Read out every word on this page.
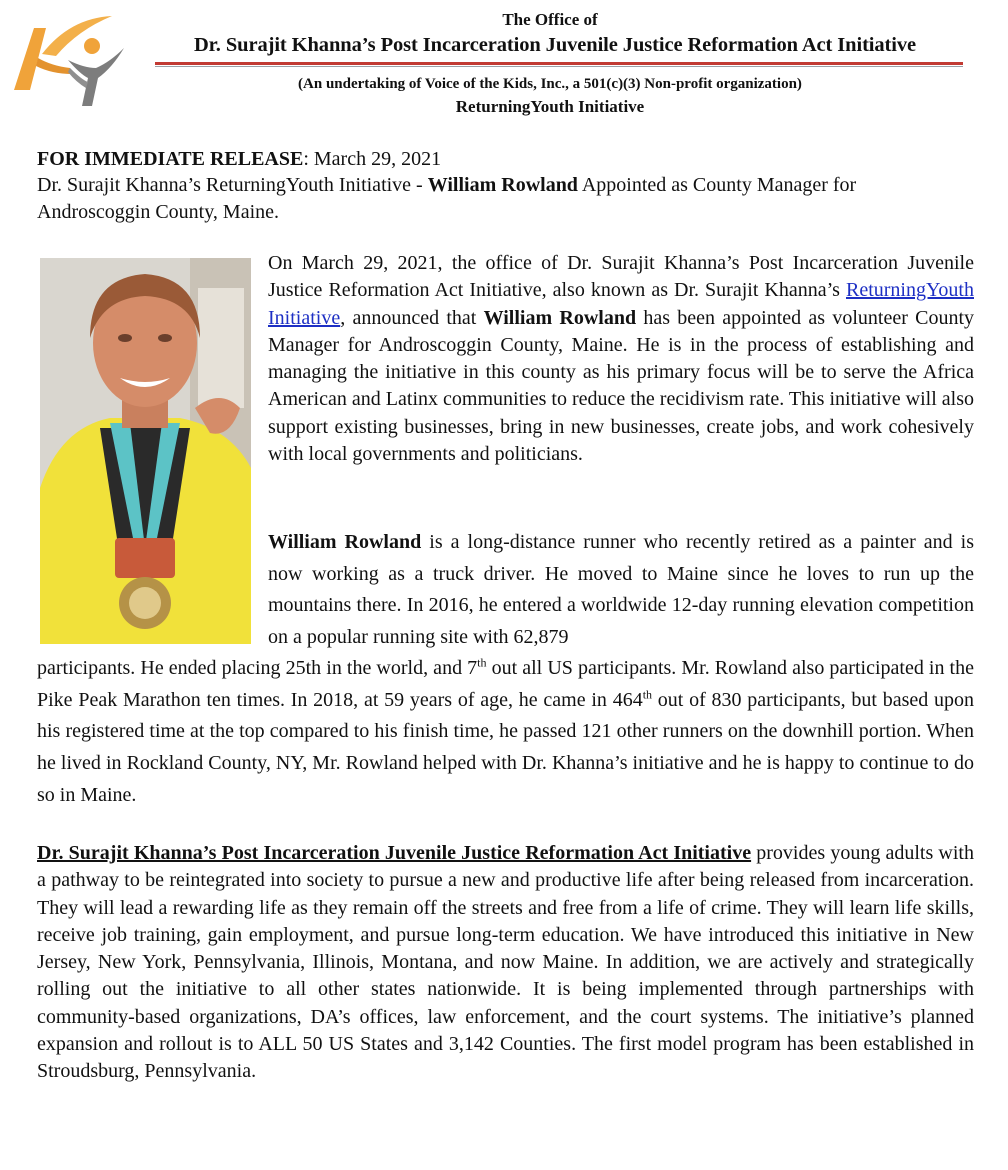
The Office of
Dr. Surajit Khanna’s Post Incarceration Juvenile Justice Reformation Act Initiative
(An undertaking of Voice of the Kids, Inc., a 501(c)(3) Non-profit organization)
ReturningYouth Initiative
FOR IMMEDIATE RELEASE: March 29, 2021
Dr. Surajit Khanna’s ReturningYouth Initiative - William Rowland Appointed as County Manager for Androscoggin County, Maine.
On March 29, 2021, the office of Dr. Surajit Khanna’s Post Incarceration Juvenile Justice Reformation Act Initiative, also known as Dr. Surajit Khanna’s ReturningYouth Initiative, announced that William Rowland has been appointed as volunteer County Manager for Androscoggin County, Maine. He is in the process of establishing and managing the initiative in this county as his primary focus will be to serve the Africa American and Latinx communities to reduce the recidivism rate. This initiative will also support existing businesses, bring in new businesses, create jobs, and work cohesively with local governments and politicians.
William Rowland is a long-distance runner who recently retired as a painter and is now working as a truck driver. He moved to Maine since he loves to run up the mountains there. In 2016, he entered a worldwide 12-day running elevation competition on a popular running site with 62,879
participants. He ended placing 25th in the world, and 7th out all US participants. Mr. Rowland also participated in the Pike Peak Marathon ten times. In 2018, at 59 years of age, he came in 464th out of 830 participants, but based upon his registered time at the top compared to his finish time, he passed 121 other runners on the downhill portion. When he lived in Rockland County, NY, Mr. Rowland helped with Dr. Khanna’s initiative and he is happy to continue to do so in Maine.
Dr. Surajit Khanna’s Post Incarceration Juvenile Justice Reformation Act Initiative provides young adults with a pathway to be reintegrated into society to pursue a new and productive life after being released from incarceration. They will lead a rewarding life as they remain off the streets and free from a life of crime. They will learn life skills, receive job training, gain employment, and pursue long-term education. We have introduced this initiative in New Jersey, New York, Pennsylvania, Illinois, Montana, and now Maine. In addition, we are actively and strategically rolling out the initiative to all other states nationwide. It is being implemented through partnerships with community-based organizations, DA’s offices, law enforcement, and the court systems. The initiative’s planned expansion and rollout is to ALL 50 US States and 3,142 Counties. The first model program has been established in Stroudsburg, Pennsylvania.
